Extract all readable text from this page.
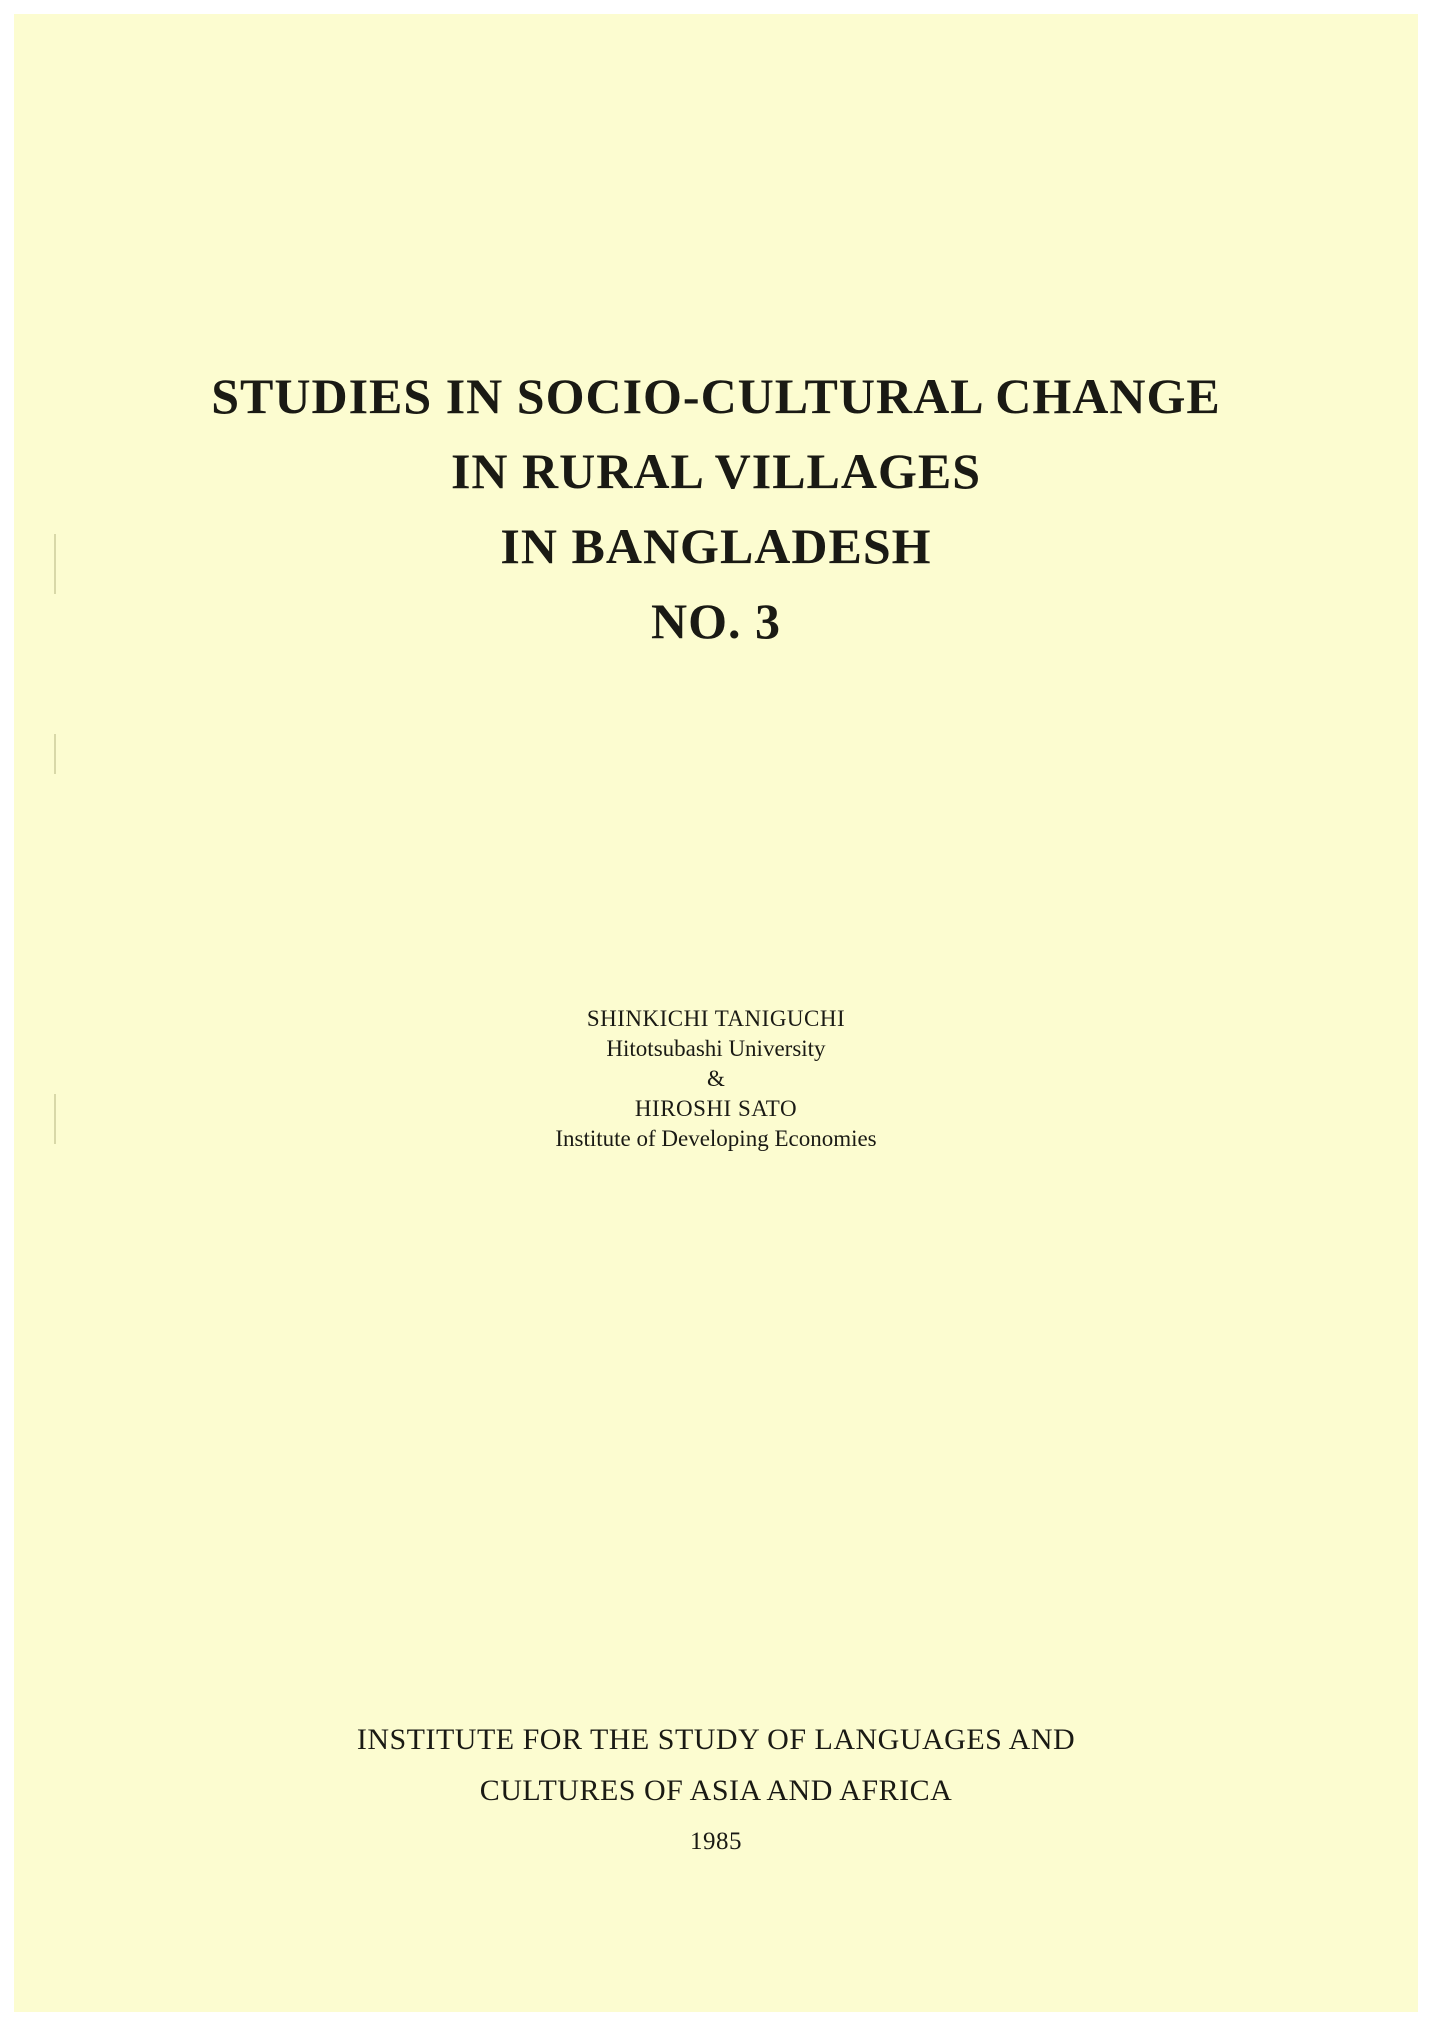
STUDIES IN SOCIO-CULTURAL CHANGE
IN RURAL VILLAGES
IN BANGLADESH
NO. 3
SHINKICHI TANIGUCHI
Hitotsubashi University
&
HIROSHI SATO
Institute of Developing Economies
INSTITUTE FOR THE STUDY OF LANGUAGES AND
CULTURES OF ASIA AND AFRICA
1985
